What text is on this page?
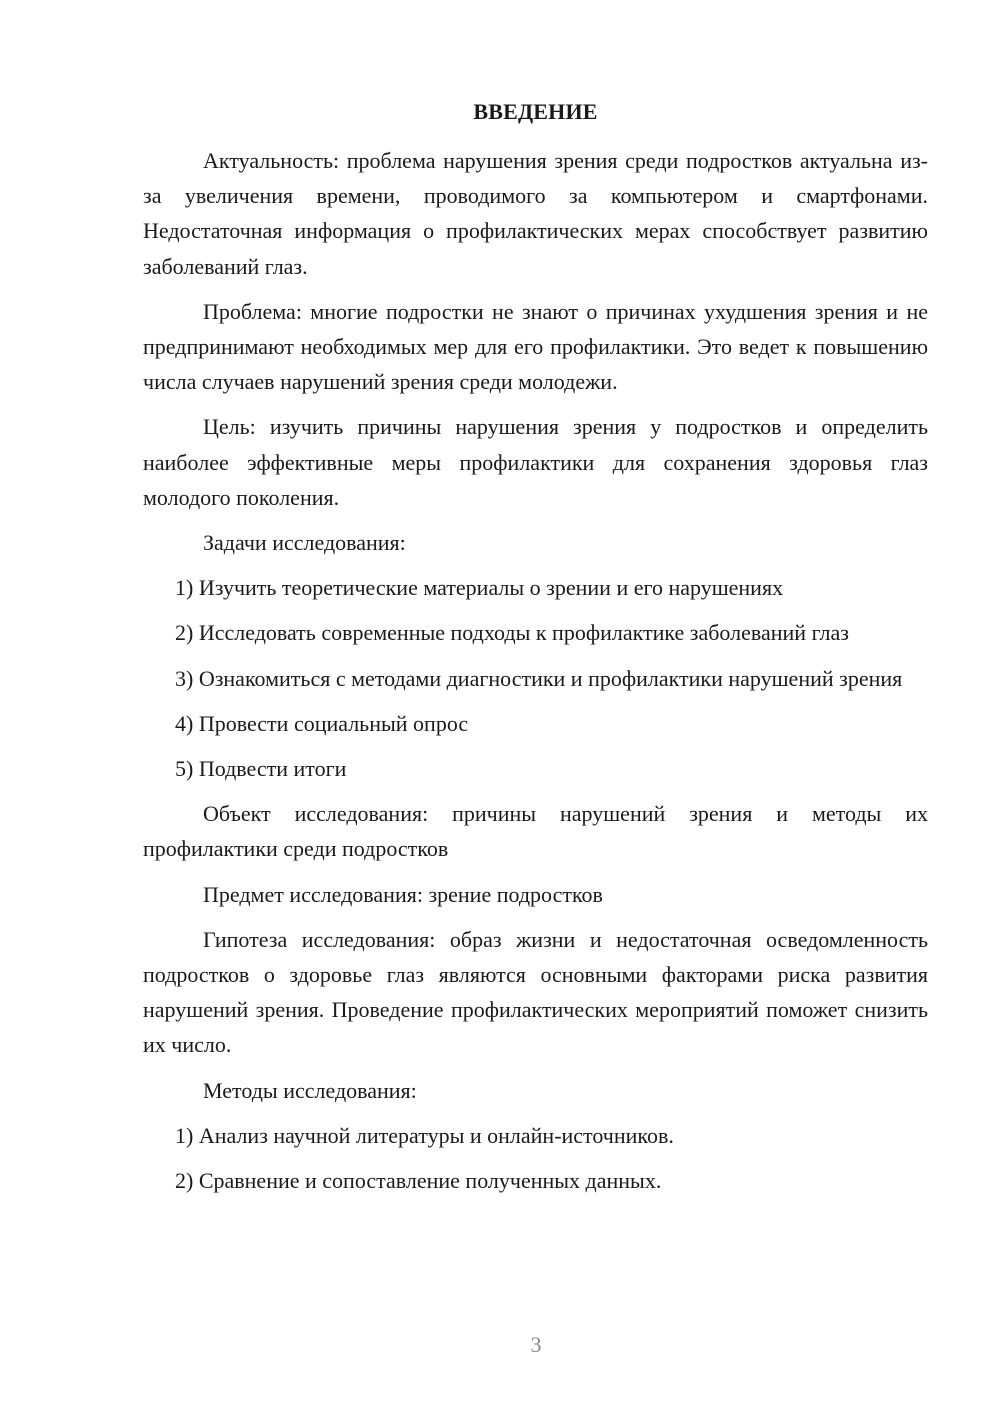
ВВЕДЕНИЕ

Актуальность: проблема нарушения зрения среди подростков актуальна из-за увеличения времени, проводимого за компьютером и смартфонами. Недостаточная информация о профилактических мерах способствует развитию заболеваний глаз.

Проблема: многие подростки не знают о причинах ухудшения зрения и не предпринимают необходимых мер для его профилактики. Это ведет к повышению числа случаев нарушений зрения среди молодежи.

Цель: изучить причины нарушения зрения у подростков и определить наиболее эффективные меры профилактики для сохранения здоровья глаз молодого поколения.

Задачи исследования:

1) Изучить теоретические материалы о зрении и его нарушениях

2) Исследовать современные подходы к профилактике заболеваний глаз

3) Ознакомиться с методами диагностики и профилактики нарушений зрения

4) Провести социальный опрос

5) Подвести итоги

Объект исследования: причины нарушений зрения и методы их профилактики среди подростков

Предмет исследования: зрение подростков

Гипотеза исследования: образ жизни и недостаточная осведомленность подростков о здоровье глаз являются основными факторами риска развития нарушений зрения. Проведение профилактических мероприятий поможет снизить их число.

Методы исследования:

1) Анализ научной литературы и онлайн-источников.

2) Сравнение и сопоставление полученных данных.

3
